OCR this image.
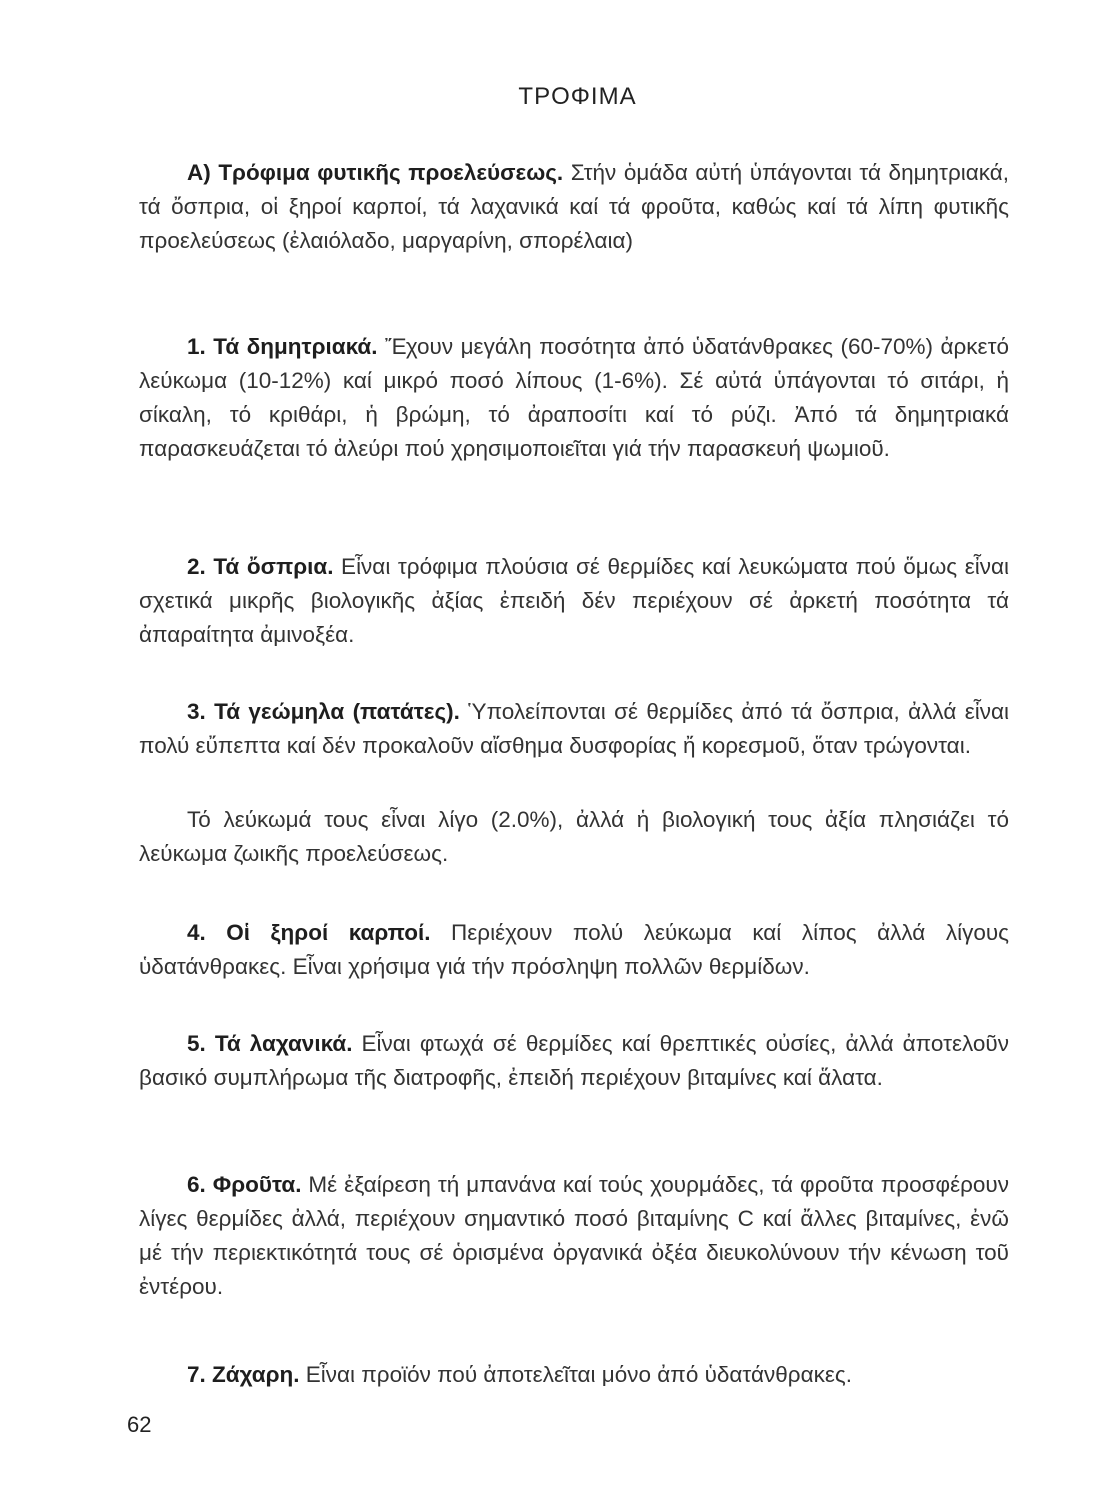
ΤΡΟΦΙΜΑ

Α) Τρόφιμα φυτικῆς προελεύσεως. Στήν ὁμάδα αὐτή ὑπάγονται τά δημητριακά, τά ὄσπρια, οἱ ξηροί καρποί, τά λαχανικά καί τά φροῦτα, καθώς καί τά λίπη φυτικῆς προελεύσεως (ἐλαιόλαδο, μαργαρίνη, σπορέλαια)

1. Τά δημητριακά. Ἔχουν μεγάλη ποσότητα ἀπό ὑδατάνθρακες (60-70%) ἀρκετό λεύκωμα (10-12%) καί μικρό ποσό λίπους (1-6%). Σέ αὐτά ὑπάγονται τό σιτάρι, ἡ σίκαλη, τό κριθάρι, ἡ βρώμη, τό ἀραποσίτι καί τό ρύζι. Ἀπό τά δημητριακά παρασκευάζεται τό ἀλεύρι πού χρησιμοποιεῖται γιά τήν παρασκευή ψωμιοῦ.

2. Τά ὄσπρια. Εἶναι τρόφιμα πλούσια σέ θερμίδες καί λευκώματα πού ὅμως εἶναι σχετικά μικρῆς βιολογικῆς ἀξίας ἐπειδή δέν περιέχουν σέ ἀρκετή ποσότητα τά ἀπαραίτητα ἀμινοξέα.

3. Τά γεώμηλα (πατάτες). Ὑπολείπονται σέ θερμίδες ἀπό τά ὄσπρια, ἀλλά εἶναι πολύ εὔπεπτα καί δέν προκαλοῦν αἴσθημα δυσφορίας ἤ κορεσμοῦ, ὅταν τρώγονται.

Τό λεύκωμά τους εἶναι λίγο (2.0%), ἀλλά ἡ βιολογική τους ἀξία πλησιάζει τό λεύκωμα ζωικῆς προελεύσεως.

4. Οἱ ξηροί καρποί. Περιέχουν πολύ λεύκωμα καί λίπος ἀλλά λίγους ὑδατάνθρακες. Εἶναι χρήσιμα γιά τήν πρόσληψη πολλῶν θερμίδων.

5. Τά λαχανικά. Εἶναι φτωχά σέ θερμίδες καί θρεπτικές οὐσίες, ἀλλά ἀποτελοῦν βασικό συμπλήρωμα τῆς διατροφῆς, ἐπειδή περιέχουν βιταμίνες καί ἅλατα.

6. Φροῦτα. Μέ ἐξαίρεση τή μπανάνα καί τούς χουρμάδες, τά φροῦτα προσφέρουν λίγες θερμίδες ἀλλά, περιέχουν σημαντικό ποσό βιταμίνης C καί ἄλλες βιταμίνες, ἐνῶ μέ τήν περιεκτικότητά τους σέ ὁρισμένα ὀργανικά ὀξέα διευκολύνουν τήν κένωση τοῦ ἐντέρου.

7. Ζάχαρη. Εἶναι προϊόν πού ἀποτελεῖται μόνο ἀπό ὑδατάνθρακες.

62
